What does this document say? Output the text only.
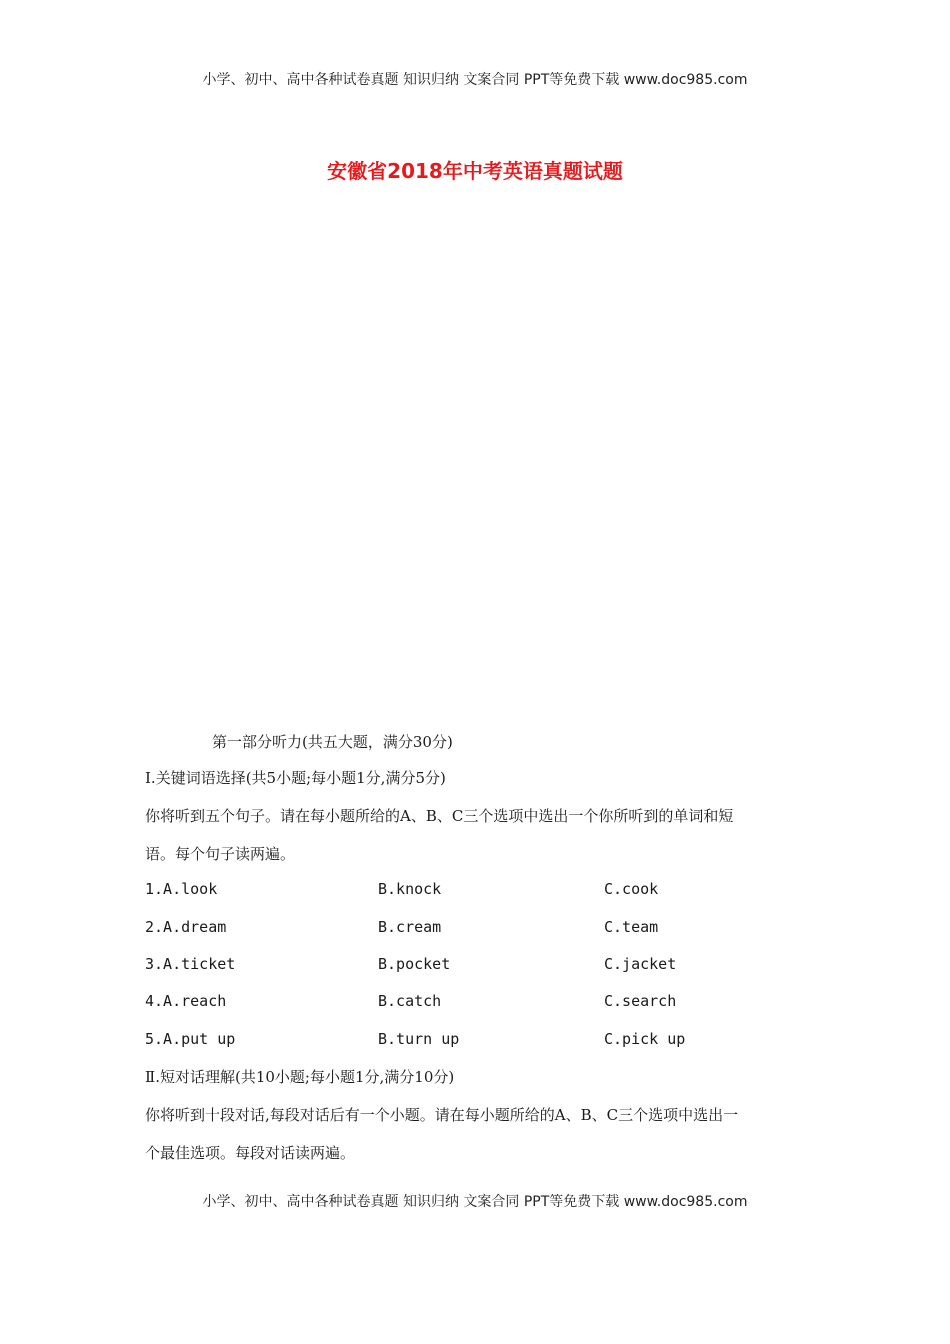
小学、初中、高中各种试卷真题 知识归纳 文案合同 PPT等免费下载 www.doc985.com
安徽省2018年中考英语真题试题
第一部分听力(共五大题，满分30分)
I.关键词语选择(共5小题;每小题1分,满分5分)
你将听到五个句子。请在每小题所给的A、B、C三个选项中选出一个你所听到的单词和短
语。每个句子读两遍。
1.A.look	B.knock	C.cook
2.A.dream	B.cream	C.team
3.A.ticket	B.pocket	C.jacket
4.A.reach	B.catch	C.search
5.A.put up	B.turn up	C.pick up
Ⅱ.短对话理解(共10小题;每小题1分,满分10分)
你将听到十段对话,每段对话后有一个小题。请在每小题所给的A、B、C三个选项中选出一
个最佳选项。每段对话读两遍。
小学、初中、高中各种试卷真题 知识归纳 文案合同 PPT等免费下载 www.doc985.com
